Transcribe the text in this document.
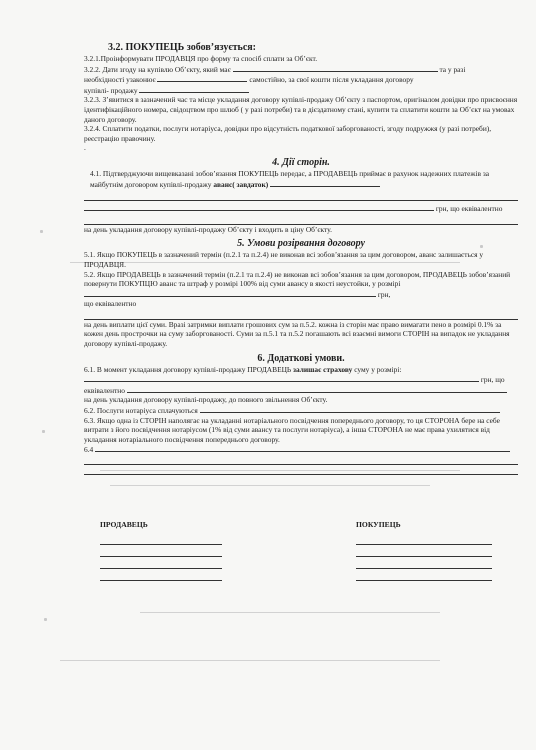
3.2. ПОКУПЕЦЬ зобов’язується:

3.2.1.Проінформувати ПРОДАВЦЯ про форму та спосіб сплати за Об’єкт.

3.2.2. Дати згоду на купівлю Об’єкту, який має	та у разі
необхідності узаконює	самостійно, за свої кошти після укладання договору
купівлі- продажу

3.2.3. З’явитися в зазначений час та місце укладання договору купівлі-продажу Об’єкту з паспортом, оригіналом довідки про присвоєння ідентифікаційного номера, свідоцтвом про шлюб ( у разі потреби) та в дієздатному стані, купити та сплатити кошти за Об’єкт на умовах даного договору.

3.2.4. Сплатити податки, послуги нотаріуса, довідки про відсутність податкової заборгованості, згоду подружжя (у разі потреби), реєстрацію правочину.

.

4. Дії сторін.

4.1. Підтверджуючи вищевказані зобов’язання ПОКУПЕЦЬ передає, а ПРОДАВЕЦЬ приймає в рахунок надежних платежів за майбутнім договором купівлі-продажу аванс( завдаток)

грн, що еквівалентно

на день укладання договору купівлі-продажу Об’єкту і входить в ціну Об’єкту.

5. Умови розірвання договору

5.1. Якщо ПОКУПЕЦЬ в зазначений термін (п.2.1 та п.2.4) не виконав всі зобов’язання за цим договором, аванс залишається у ПРОДАВЦЯ.

5.2. Якщо ПРОДАВЕЦЬ в зазначений термін (п.2.1 та п.2.4) не виконав всі зобов’язання за цим договором, ПРОДАВЕЦЬ зобов’язаний повернути ПОКУПЦЮ аванс та штраф у розмірі 100% від суми авансу в якості неустойки, у розмірі  грн,
що еквівалентно

на день виплати цієї суми. Вразі затримки виплати грошових сум за п.5.2. кожна із сторін має право вимагати пено в розмірі 0.1% за кожен день прострочки на суму заборгованості. Суми за п.5.1 та п.5.2 погашають всі взаємні вимоги СТОРІН на випадок не укладання договору купівлі-продажу.

6. Додаткові умови.

6.1. В момент укладання договору купівлі-продажу ПРОДАВЕЦЬ залишає страхову суму у розмірі:

грн, що
еквівалентно

на день укладання договору купівлі-продажу, до повного звільнення Об’єкту.

6.2. Послуги нотаріуса сплачуються

6.3. Якщо одна із СТОРІН наполягає на укладанні нотаріального посвідчення попереднього договору, то ця СТОРОНА бере на себе витрати з його посвідчення нотаріусом (1% від суми авансу та послуги нотаріуса), а інша СТОРОНА не має права ухилятися від укладання нотаріального посвідчення попереднього договору.

6.4

ПРОДАВЕЦЬ	ПОКУПЕЦЬ
